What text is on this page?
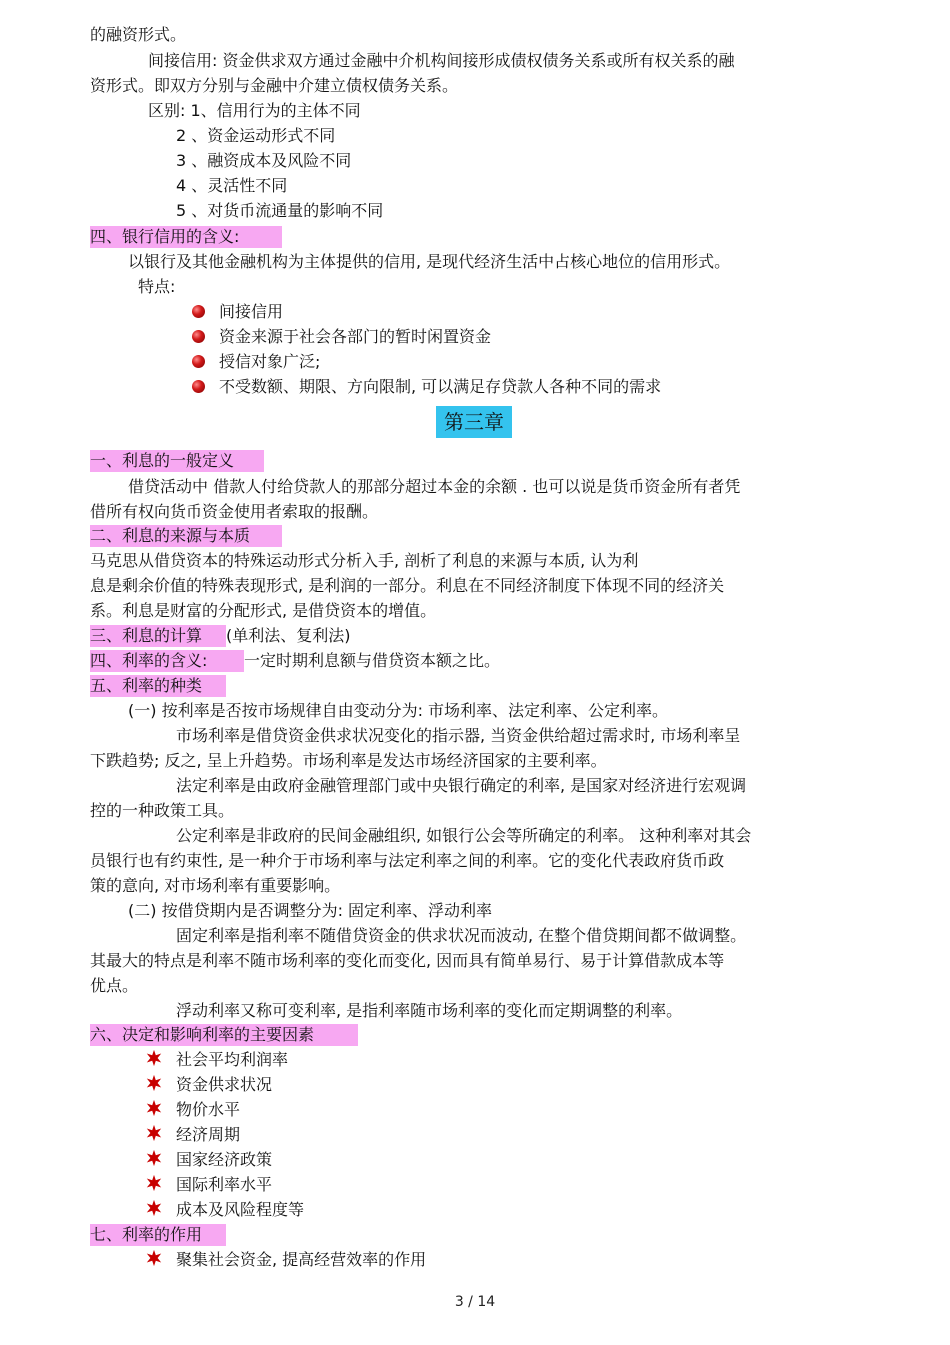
的融资形式。
间接信用: 资金供求双方通过金融中介机构间接形成债权债务关系或所有权关系的融
资形式。即双方分别与金融中介建立债权债务关系。
区别: 1、信用行为的主体不同
2 、资金运动形式不同
3 、融资成本及风险不同
4 、灵活性不同
5 、对货币流通量的影响不同
四、银行信用的含义:
以银行及其他金融机构为主体提供的信用, 是现代经济生活中占核心地位的信用形式。
特点:
间接信用
资金来源于社会各部门的暂时闲置资金
授信对象广泛;
不受数额、期限、方向限制, 可以满足存贷款人各种不同的需求
第三章
一、利息的一般定义
借贷活动中 借款人付给贷款人的那部分超过本金的余额 . 也可以说是货币资金所有者凭
借所有权向货币资金使用者索取的报酬。
二、利息的来源与本质
马克思从借贷资本的特殊运动形式分析入手, 剖析了利息的来源与本质, 认为利
息是剩余价值的特殊表现形式, 是利润的一部分。利息在不同经济制度下体现不同的经济关
系。利息是财富的分配形式, 是借贷资本的增值。
三、利息的计算 (单利法、复利法)
四、利率的含义: 一定时期利息额与借贷资本额之比。
五、利率的种类
(一) 按利率是否按市场规律自由变动分为: 市场利率、法定利率、公定利率。
市场利率是借贷资金供求状况变化的指示器, 当资金供给超过需求时, 市场利率呈
下跌趋势; 反之, 呈上升趋势。市场利率是发达市场经济国家的主要利率。
法定利率是由政府金融管理部门或中央银行确定的利率, 是国家对经济进行宏观调
控的一种政策工具。
公定利率是非政府的民间金融组织, 如银行公会等所确定的利率。 这种利率对其会
员银行也有约束性, 是一种介于市场利率与法定利率之间的利率。它的变化代表政府货币政
策的意向, 对市场利率有重要影响。
(二) 按借贷期内是否调整分为: 固定利率、浮动利率
固定利率是指利率不随借贷资金的供求状况而波动, 在整个借贷期间都不做调整。
其最大的特点是利率不随市场利率的变化而变化, 因而具有简单易行、易于计算借款成本等
优点。
浮动利率又称可变利率, 是指利率随市场利率的变化而定期调整的利率。
六、决定和影响利率的主要因素
社会平均利润率
资金供求状况
物价水平
经济周期
国家经济政策
国际利率水平
成本及风险程度等
七、利率的作用
聚集社会资金, 提高经营效率的作用
3 / 14
